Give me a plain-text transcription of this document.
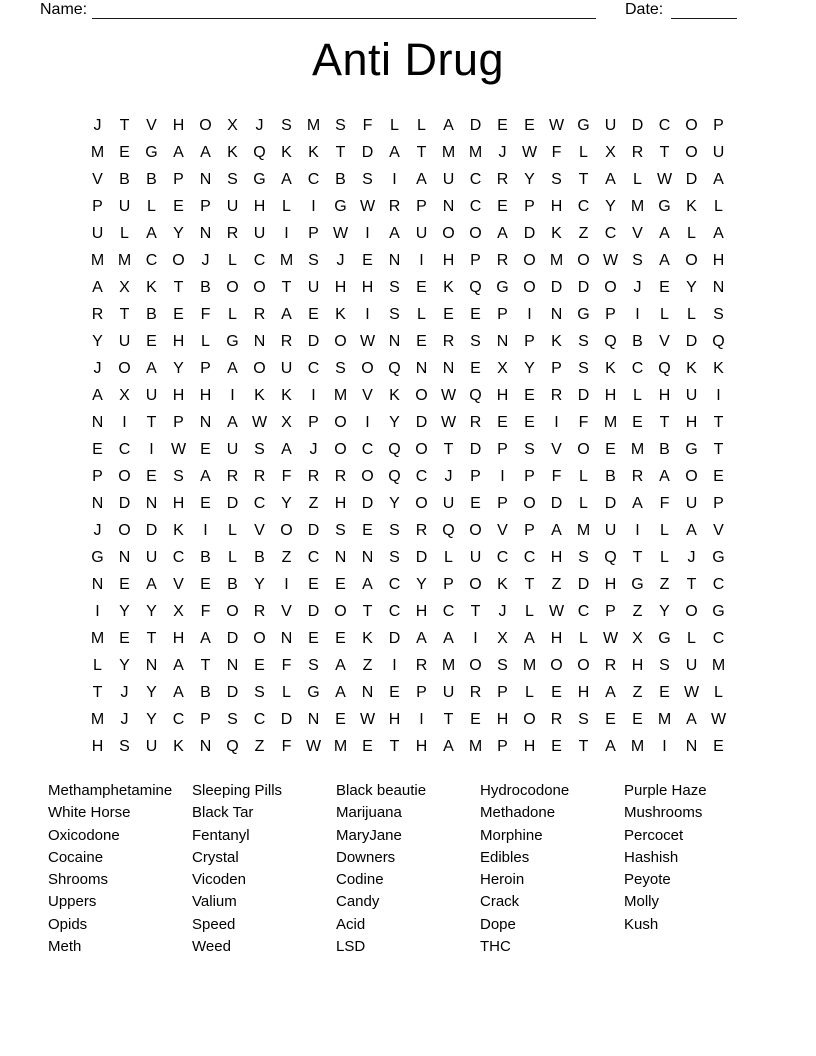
Name:	Date:
Anti Drug
J	T	V H O X	J	S M S	F	L	L	A D E	E W G U D C O P
M E G A	A	K Q K	K	T	D A	T M M	J W F	L	X R	T O U
V	B	B	P N S G A C B	S	I	A U C R Y	S	T	A	L W D A
P U	L	E	P U H	L	I	G W R P N C E	P H C Y M G K	L
U	L	A	Y N R U	I	P W	I	A U O O A D K	Z	C V	A	L	A
M M C O	J	L	C M S	J	E N	I	H P R O M O W S	A O H
A	X	K	T	B O O T	U H H S	E	K Q G O D D O	J	E	Y N
R	T	B	E	F	L	R A	E	K	I	S	L	E	E	P	I	N G P	I	L	L	S
Y U E H	L	G N R D O W N E R S N P	K	S Q B	V D Q
J	O A	Y	P	A O U C S O Q N N E	X	Y	P	S	K C Q K	K
A	X U H H	I	K	K	I	M V	K O W Q H E R D H	L	H U	I
N	I	T	P N A W X	P O	I	Y D W R E	E	I	F M E	T	H	T
E C	I	W E U S	A	J	O C Q O T	D P	S	V O E M B G T
P O E	S	A R R	F	R R O Q C	J	P	I	P	F	L	B R A O E
N D N H E D C Y	Z	H D Y O U E	P O D	L	D A	F	U P
J	O D K	I	L	V O D S	E	S R Q O V	P	A M U	I	L	A	V
G N U C B	L	B	Z	C N N S D	L	U C C H S Q T	L	J	G
N E	A	V	E	B	Y	I	E	E	A C Y	P O K	T	Z	D H G Z	T	C
I	Y	Y	X	F O R V D O T	C H C	T	J	L W C P	Z	Y O G
M E	T	H A D O N E	E	K D A	A	I	X	A H	L W X G	L	C
L	Y N A	T	N E	F	S	A	Z	I	R M O S M O O R H S U M
T	J	Y	A	B D S	L	G A N E	P U R P	L	E H A	Z	E W L
M	J	Y C P	S C D N E W H	I	T	E H O R S	E	E M A W
H S U K N Q Z	F W M E	T	H A M P H E	T	A M	I	N E
Methamphetamine
White Horse
Oxicodone
Cocaine
Shrooms
Uppers
Opids
Meth
Sleeping Pills
Black Tar
Fentanyl
Crystal
Vicoden
Valium
Speed
Weed
Black beautie
Marijuana
MaryJane
Downers
Codine
Candy
Acid
LSD
Hydrocodone
Methadone
Morphine
Edibles
Heroin
Crack
Dope
THC
Purple Haze
Mushrooms
Percocet
Hashish
Peyote
Molly
Kush
